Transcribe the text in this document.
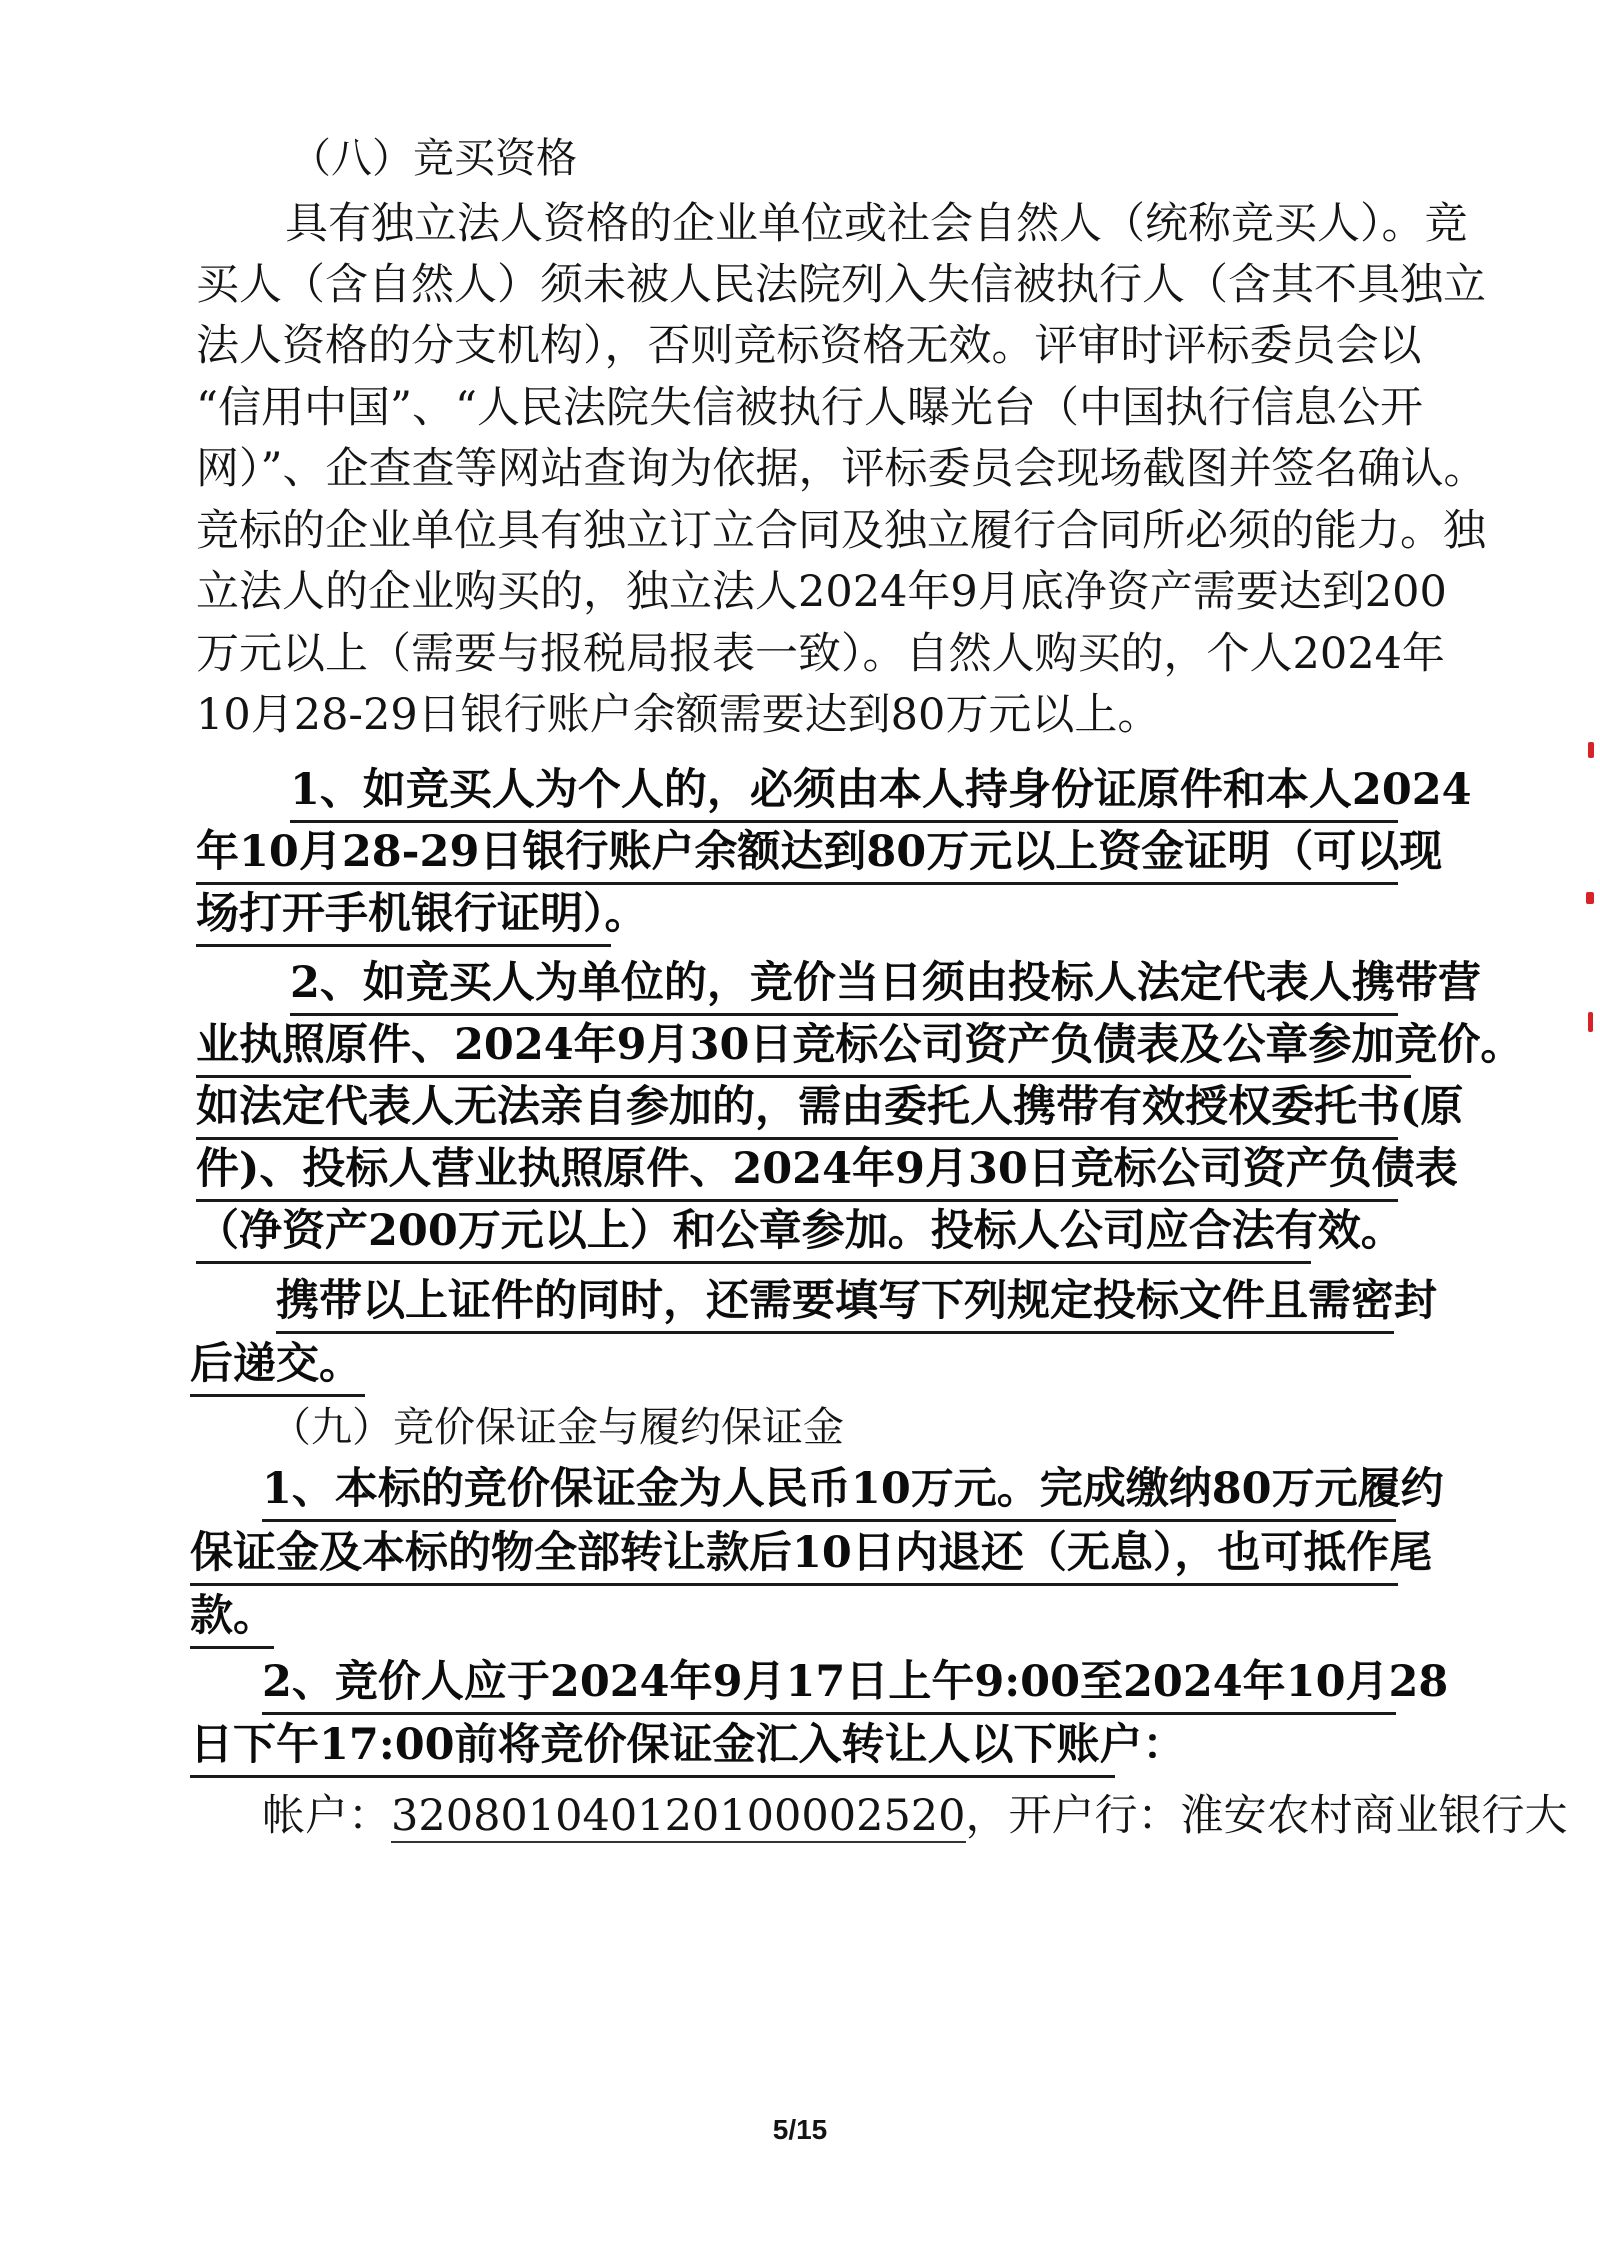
（八）竞买资格
具有独立法人资格的企业单位或社会自然人（统称竞买人）。竞
买人（含自然人）须未被人民法院列入失信被执行人（含其不具独立
法人资格的分支机构），否则竞标资格无效。评审时评标委员会以
“信用中国”、“人民法院失信被执行人曝光台（中国执行信息公开
网）”、企查查等网站查询为依据，评标委员会现场截图并签名确认。
竞标的企业单位具有独立订立合同及独立履行合同所必须的能力。独
立法人的企业购买的，独立法人2024年9月底净资产需要达到200
万元以上（需要与报税局报表一致）。自然人购买的，个人2024年
10月28-29日银行账户余额需要达到80万元以上。
1、如竞买人为个人的，必须由本人持身份证原件和本人2024
年10月28-29日银行账户余额达到80万元以上资金证明（可以现
场打开手机银行证明）。
2、如竞买人为单位的，竞价当日须由投标人法定代表人携带营
业执照原件、2024年9月30日竞标公司资产负债表及公章参加竞价。
如法定代表人无法亲自参加的，需由委托人携带有效授权委托书(原
件)、投标人营业执照原件、2024年9月30日竞标公司资产负债表
（净资产200万元以上）和公章参加。投标人公司应合法有效。
携带以上证件的同时，还需要填写下列规定投标文件且需密封
后递交。
（九）竞价保证金与履约保证金
1、本标的竞价保证金为人民币10万元。完成缴纳80万元履约
保证金及本标的物全部转让款后10日内退还（无息），也可抵作尾
款。
2、竞价人应于2024年9月17日上午9:00至2024年10月28
日下午17:00前将竞价保证金汇入转让人以下账户：
帐户：320801040120100002520，开户行：淮安农村商业银行大
5/15
